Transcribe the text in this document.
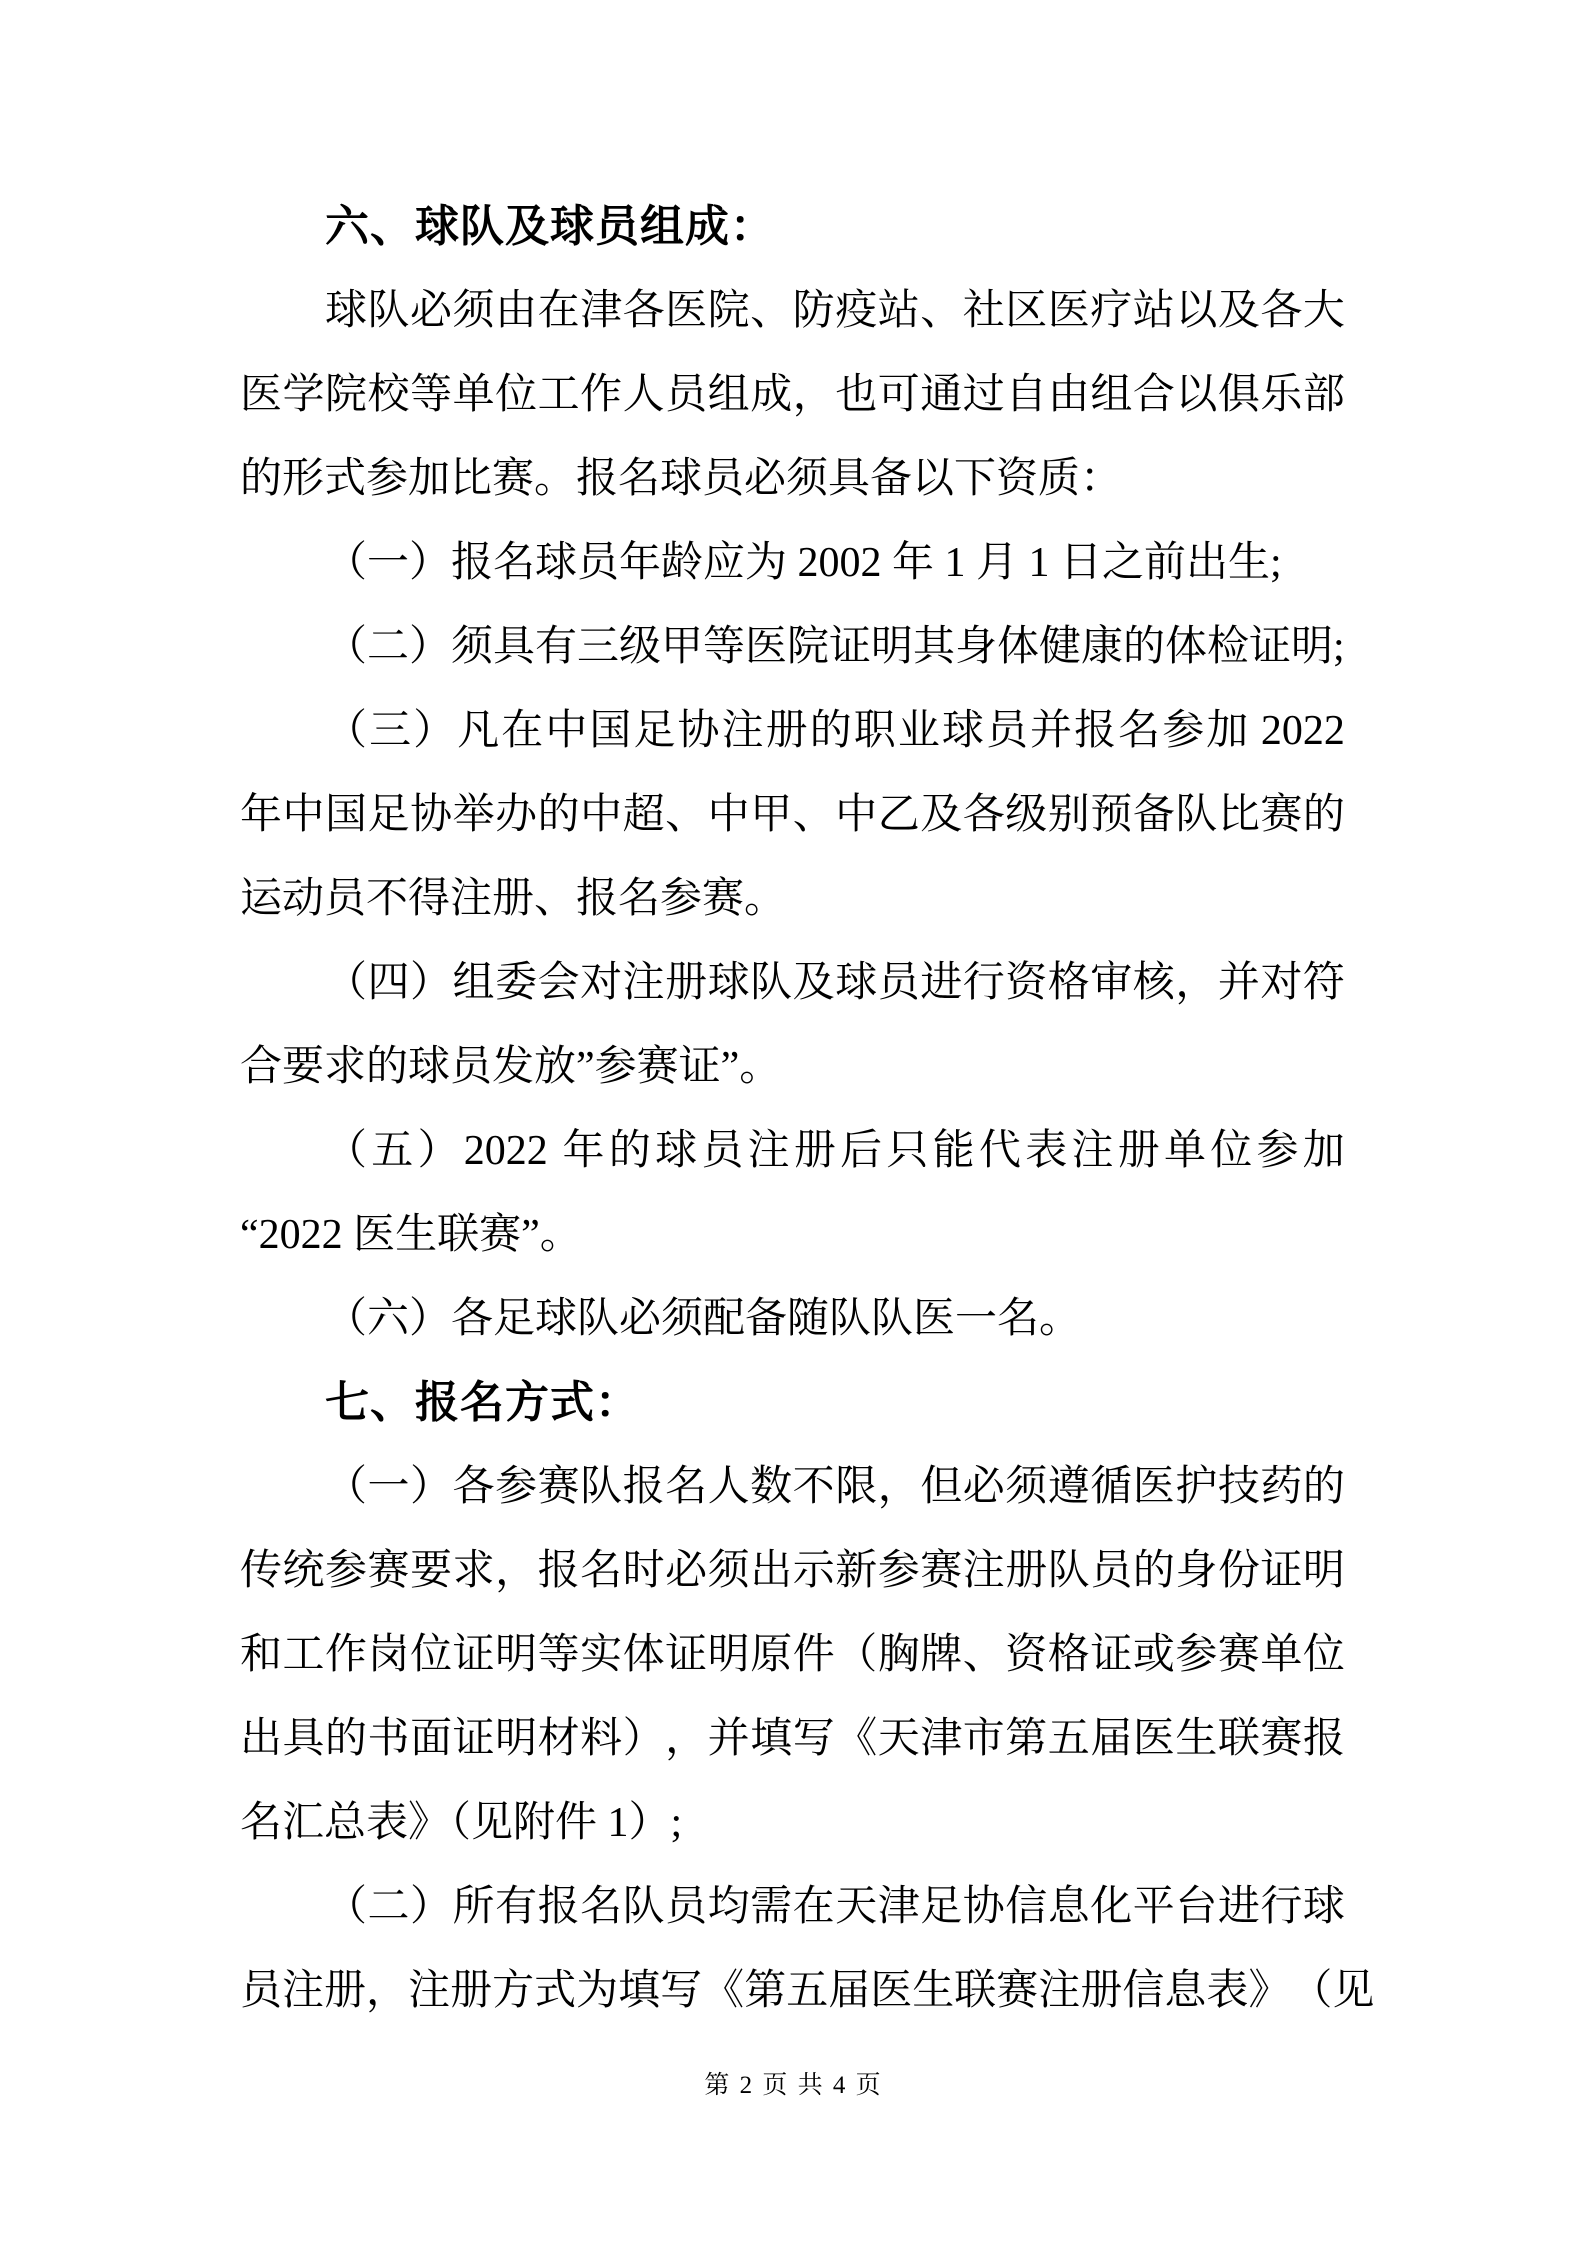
六、球队及球员组成：
球 队 必 须 由 在 津 各 医 院 、 防 疫 站 、 社 区 医 疗 站 以 及 各 大
医 学 院 校 等 单 位 工 作 人 员 组 成 ， 也 可 通 过 自 由 组 合 以 俱 乐 部
的形式参加比赛。报名球员必须具备以下资质：
（一）报名球员年龄应为 2002 年 1 月 1 日之前出生;
（二）须具有三级甲等医院证明其身体健康的体检证明;
（ 三 ） 凡 在 中 国 足 协 注 册 的 职 业 球 员 并 报 名 参 加 2022
年 中 国 足 协 举 办 的 中 超 、 中 甲 、 中 乙 及 各 级 别 预 备 队 比 赛 的
运动员不得注册、报名参赛。
（ 四 ） 组 委 会 对 注 册 球 队 及 球 员 进 行 资 格 审 核 ， 并 对 符
合要求的球员发放”参赛证”。
（ 五 ） 2022 年 的 球 员 注 册 后 只 能 代 表 注 册 单 位 参 加
“2022 医生联赛”。
（六）各足球队必须配备随队队医一名。
七、报名方式：
（ 一 ） 各 参 赛 队 报 名 人 数 不 限 ， 但 必 须 遵 循 医 护 技 药 的
传 统 参 赛 要 求 ， 报 名 时 必 须 出 示 新 参 赛 注 册 队 员 的 身 份 证 明
和 工 作 岗 位 证 明 等 实 体 证 明 原 件 （ 胸 牌 、 资 格 证 或 参 赛 单 位
出 具 的 书 面 证 明 材 料 ） ， 并 填 写 《 天 津 市 第 五 届 医 生 联 赛 报
名汇总表》（见附件 1）;
（ 二 ） 所 有 报 名 队 员 均 需 在 天 津 足 协 信 息 化 平 台 进 行 球
员 注 册 ， 注 册 方 式 为 填 写 《 第 五 届 医 生 联 赛 注 册 信 息 表 》 （ 见
第 2 页 共 4 页
